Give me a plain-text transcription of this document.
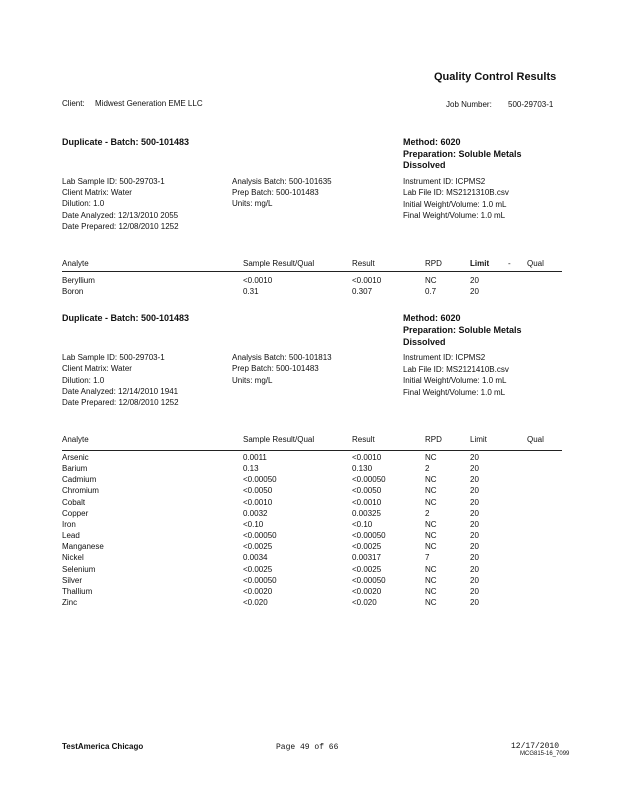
Quality Control Results
Client: Midwest Generation EME LLC	Job Number: 500-29703-1
Duplicate - Batch: 500-101483	Method: 6020
Preparation: Soluble Metals
Dissolved
Lab Sample ID: 500-29703-1
Client Matrix: Water
Dilution: 1.0
Date Analyzed: 12/13/2010 2055
Date Prepared: 12/08/2010 1252
Analysis Batch: 500-101635
Prep Batch: 500-101483
Units: mg/L
Instrument ID: ICPMS2
Lab File ID: MS2121310B.csv
Initial Weight/Volume: 1.0 mL
Final Weight/Volume: 1.0 mL
Analyte	Sample Result/Qual	Result	RPD	Limit - Qual
Beryllium	<0.0010	<0.0010	NC	20
Boron	0.31	0.307	0.7	20
Duplicate - Batch: 500-101483	Method: 6020
Preparation: Soluble Metals
Dissolved
Lab Sample ID: 500-29703-1
Client Matrix: Water
Dilution: 1.0
Date Analyzed: 12/14/2010 1941
Date Prepared: 12/08/2010 1252
Analysis Batch: 500-101813
Prep Batch: 500-101483
Units: mg/L
Instrument ID: ICPMS2
Lab File ID: MS2121410B.csv
Initial Weight/Volume: 1.0 mL
Final Weight/Volume: 1.0 mL
Analyte	Sample Result/Qual	Result	RPD	Limit	Qual
Arsenic	0.0011	<0.0010	NC	20
Barium	0.13	0.130	2	20
Cadmium	<0.00050	<0.00050	NC	20
Chromium	<0.0050	<0.0050	NC	20
Cobalt	<0.0010	<0.0010	NC	20
Copper	0.0032	0.00325	2	20
Iron	<0.10	<0.10	NC	20
Lead	<0.00050	<0.00050	NC	20
Manganese	<0.0025	<0.0025	NC	20
Nickel	0.0034	0.00317	7	20
Selenium	<0.0025	<0.0025	NC	20
Silver	<0.00050	<0.00050	NC	20
Thallium	<0.0020	<0.0020	NC	20
Zinc	<0.020	<0.020	NC	20
TestAmerica Chicago	Page 49 of 66	12/17/2010
MCG815-16_7099
